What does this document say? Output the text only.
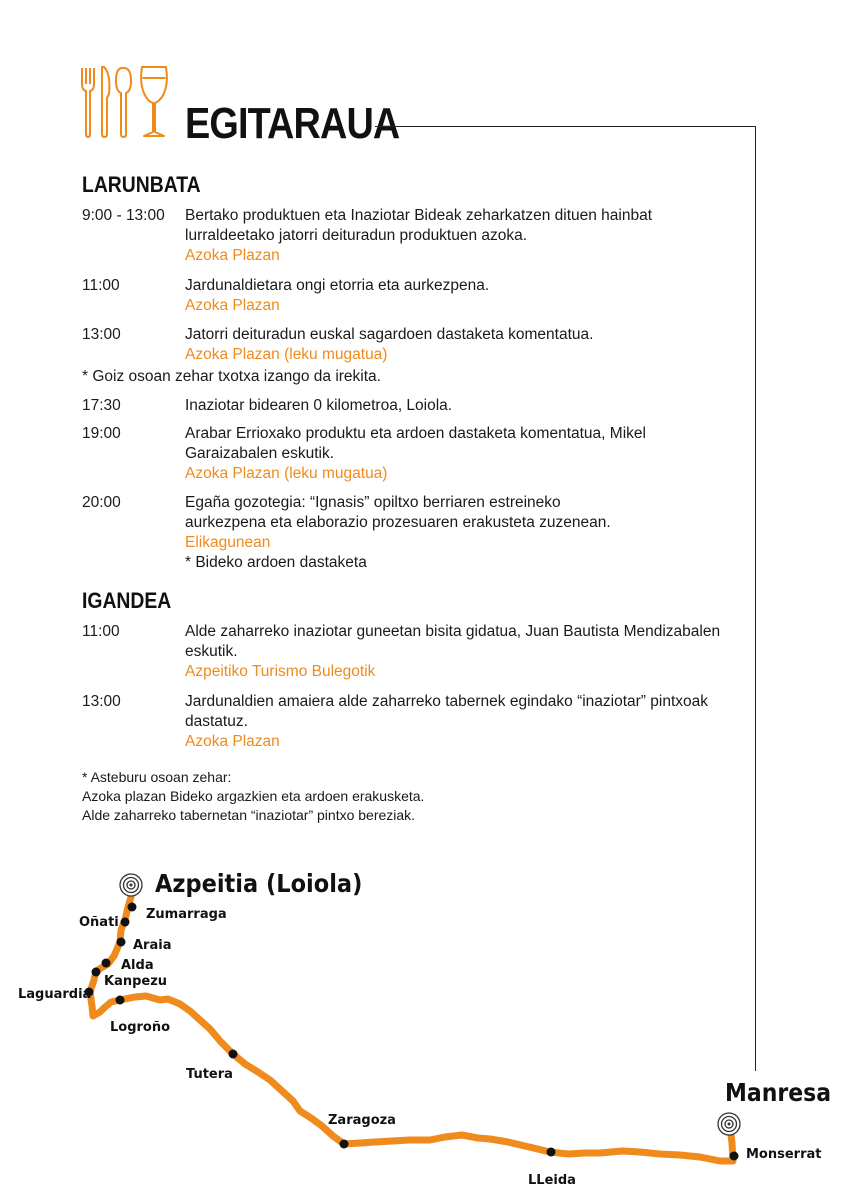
EGITARAUA
LARUNBATA
9:00 - 13:00	Bertako produktuen eta Inaziotar Bideak zeharkatzen dituen hainbat
lurraldeetako jatorri deituradun produktuen azoka.
Azoka Plazan
11:00	Jardunaldietara ongi etorria eta aurkezpena.
Azoka Plazan
13:00	Jatorri deituradun euskal sagardoen dastaketa komentatua.
Azoka Plazan (leku mugatua)
* Goiz osoan zehar txotxa izango da irekita.
17:30	Inaziotar bidearen 0 kilometroa, Loiola.
19:00	Arabar Errioxako produktu eta ardoen dastaketa komentatua, Mikel
Garaizabalen eskutik.
Azoka Plazan (leku mugatua)
20:00	Egaña gozotegia: “Ignasis” opiltxo berriaren estreineko
aurkezpena eta elaborazio prozesuaren erakusteta zuzenean.
Elikagunean
* Bideko ardoen dastaketa
IGANDEA
11:00	Alde zaharreko inaziotar guneetan bisita gidatua, Juan Bautista Mendizabalen
eskutik.
Azpeitiko Turismo Bulegotik
13:00	Jardunaldien amaiera alde zaharreko tabernek egindako “inaziotar” pintxoak
dastatuz.
Azoka Plazan
* Asteburu osoan zehar:
Azoka plazan Bideko argazkien eta ardoen erakusketa.
Alde zaharreko tabernetan “inaziotar” pintxo bereziak.
Azpeitia (Loiola)
Manresa
Zumarraga
Oñati
Araia
Alda
Kanpezu
Laguardia
Logroño
Tutera
Zaragoza
LLeida
Monserrat
